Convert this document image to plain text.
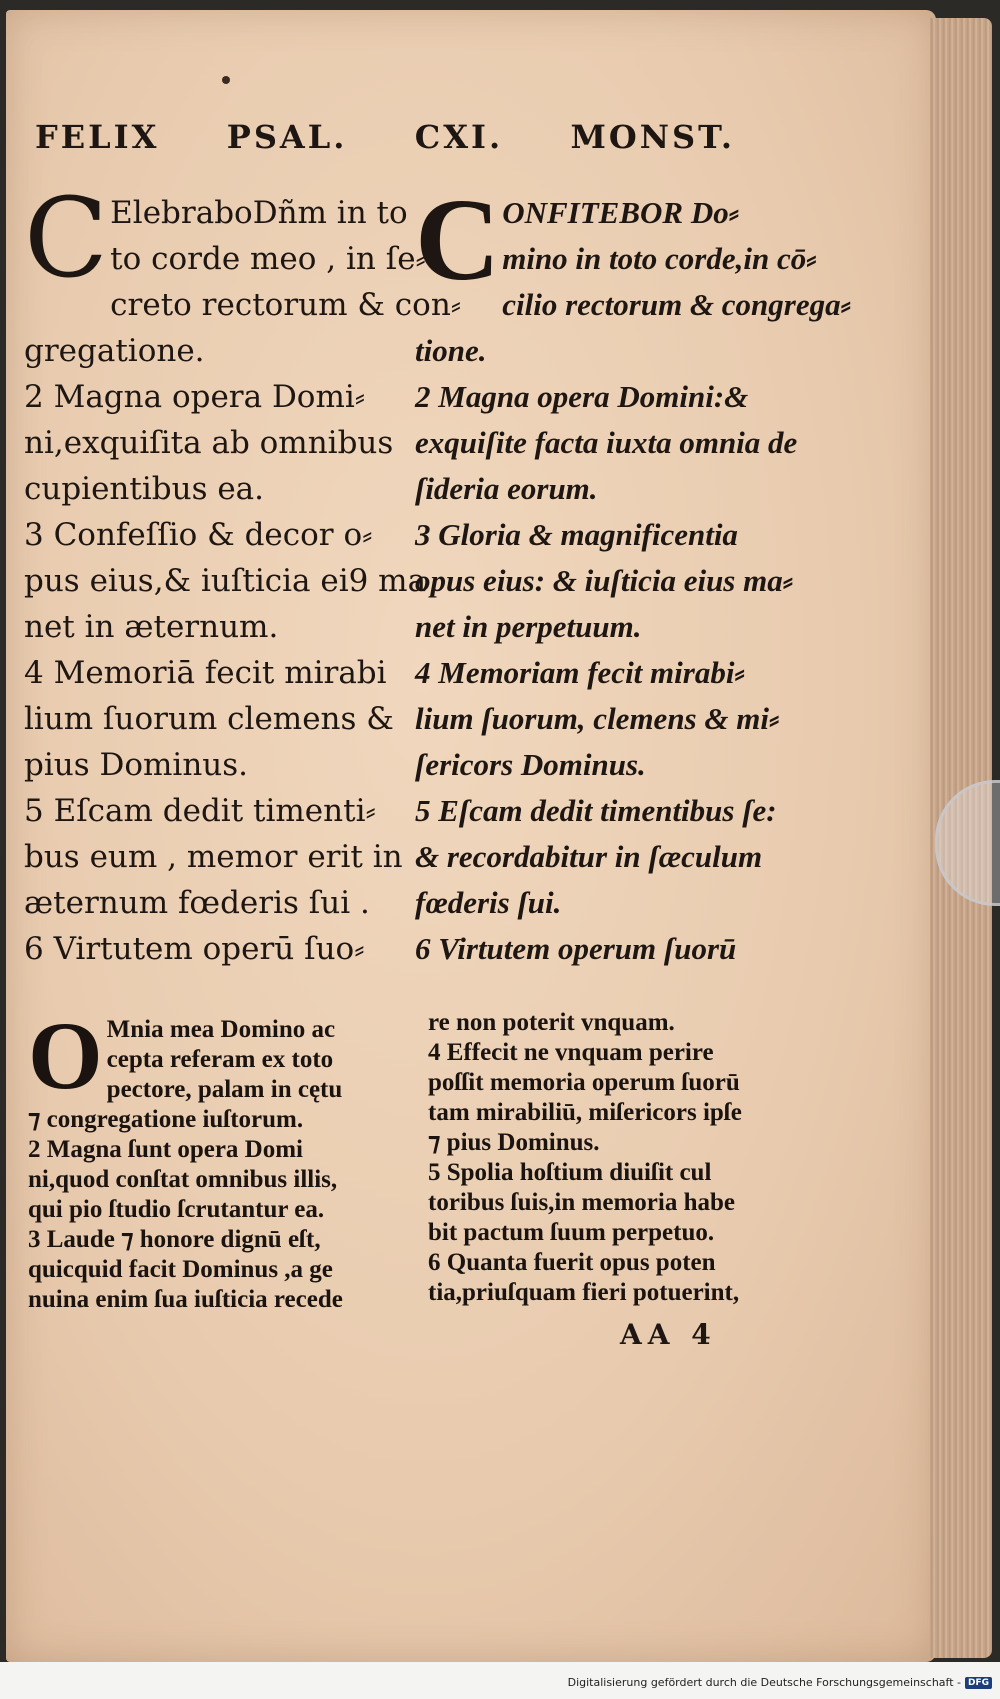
FELIX PSAL. CXI. MONST.
C ElebraboDñm in to
to corde meo , in ſe⸗
creto rectorum & con⸗
gregatione.
2 Magna opera Domi⸗
ni,exquiſita ab omnibus
cupientibus ea.
3 Confeſſio & decor o⸗
pus eius,& iuſticia ei9 ma
net in æternum.
4 Memoriā fecit mirabi
lium ſuorum clemens &
pius Dominus.
5 Eſcam dedit timenti⸗
bus eum , memor erit in
æternum fœderis ſui .
6 Virtutem operū ſuo⸗
C ONFITEBOR Do⸗
mino in toto corde,in cō⸗
cilio rectorum & congrega⸗
tione.
2 Magna opera Domini:&
exquiſite facta iuxta omnia de
ſideria eorum.
3 Gloria & magnificentia
opus eius: & iuſticia eius ma⸗
net in perpetuum.
4 Memoriam fecit mirabi⸗
lium ſuorum, clemens & mi⸗
ſericors Dominus.
5 Eſcam dedit timentibus ſe:
& recordabitur in ſæculum
fœderis ſui.
6 Virtutem operum ſuorū
O Mnia mea Domino ac
cepta referam ex toto
pectore, palam in cętu
⁊ congregatione iuſtorum.
2 Magna ſunt opera Domi
ni,quod conſtat omnibus illis,
qui pio ſtudio ſcrutantur ea.
3 Laude ⁊ honore dignū eſt,
quicquid facit Dominus ,a ge
nuina enim ſua iuſticia recede
re non poterit vnquam.
4 Effecit ne vnquam perire
poſſit memoria operum ſuorū
tam mirabiliū, miſericors ipſe
⁊ pius Dominus.
5 Spolia hoſtium diuiſit cul
toribus ſuis,in memoria habe
bit pactum ſuum perpetuo.
6 Quanta fuerit opus poten
tia,priuſquam fieri potuerint,
AA 4
Digitalisierung gefördert durch die Deutsche Forschungsgemeinschaft - DFG
